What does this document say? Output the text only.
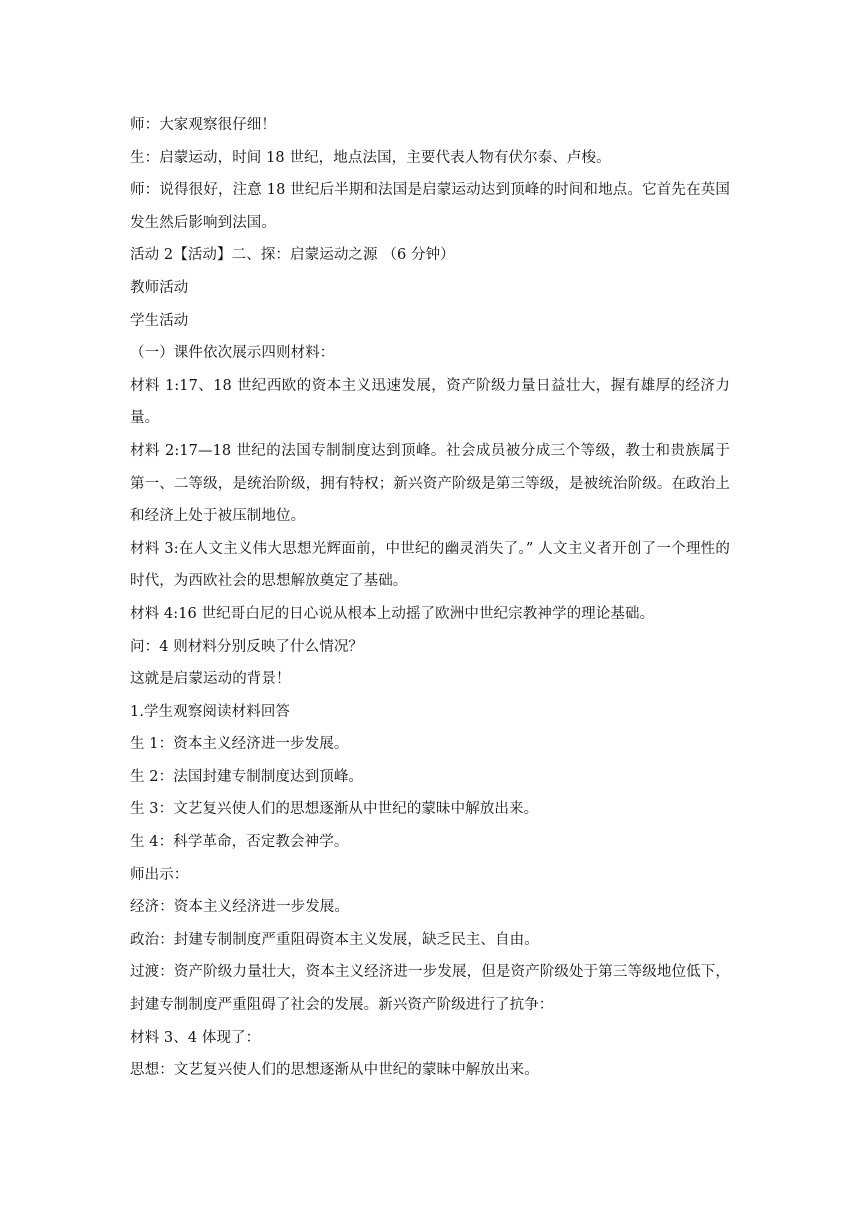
师：大家观察很仔细！

生：启蒙运动，时间 18 世纪，地点法国，主要代表人物有伏尔泰、卢梭。

师：说得很好，注意 18 世纪后半期和法国是启蒙运动达到顶峰的时间和地点。它首先在英国发生然后影响到法国。

活动 2【活动】二、探：启蒙运动之源 （6 分钟）

教师活动

学生活动

（一）课件依次展示四则材料：

材料 1:17、18 世纪西欧的资本主义迅速发展，资产阶级力量日益壮大，握有雄厚的经济力量。

材料 2:17—18 世纪的法国专制制度达到顶峰。社会成员被分成三个等级，教士和贵族属于第一、二等级，是统治阶级，拥有特权；新兴资产阶级是第三等级，是被统治阶级。在政治上和经济上处于被压制地位。

材料 3:在人文主义伟大思想光辉面前，中世纪的幽灵消失了。” 人文主义者开创了一个理性的时代，为西欧社会的思想解放奠定了基础。

材料 4:16 世纪哥白尼的日心说从根本上动摇了欧洲中世纪宗教神学的理论基础。

问：4 则材料分别反映了什么情况？

这就是启蒙运动的背景！

1.学生观察阅读材料回答

生 1：资本主义经济进一步发展。

生 2：法国封建专制制度达到顶峰。

生 3：文艺复兴使人们的思想逐渐从中世纪的蒙昧中解放出来。

生 4：科学革命，否定教会神学。

师出示：

经济：资本主义经济进一步发展。

政治：封建专制制度严重阻碍资本主义发展，缺乏民主、自由。

过渡：资产阶级力量壮大，资本主义经济进一步发展，但是资产阶级处于第三等级地位低下，封建专制制度严重阻碍了社会的发展。新兴资产阶级进行了抗争：

材料 3、4 体现了：

思想：文艺复兴使人们的思想逐渐从中世纪的蒙昧中解放出来。
